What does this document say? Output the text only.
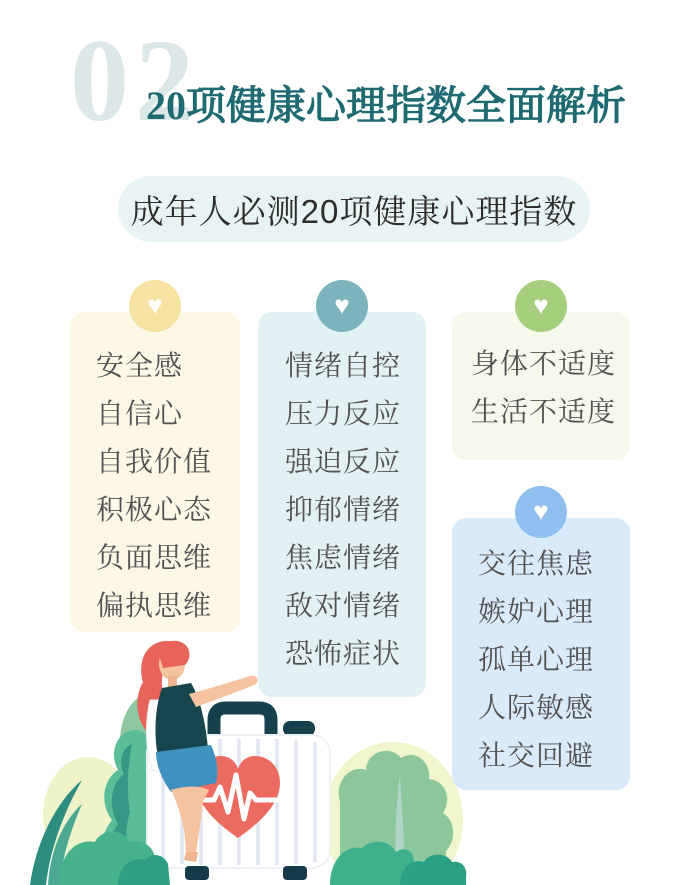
02
20项健康心理指数全面解析
成年人必测20项健康心理指数
♥
安全感
自信心
自我价值
积极心态
负面思维
偏执思维
♥
情绪自控
压力反应
强迫反应
抑郁情绪
焦虑情绪
敌对情绪
恐怖症状
♥
身体不适度
生活不适度
♥
交往焦虑
嫉妒心理
孤单心理
人际敏感
社交回避
